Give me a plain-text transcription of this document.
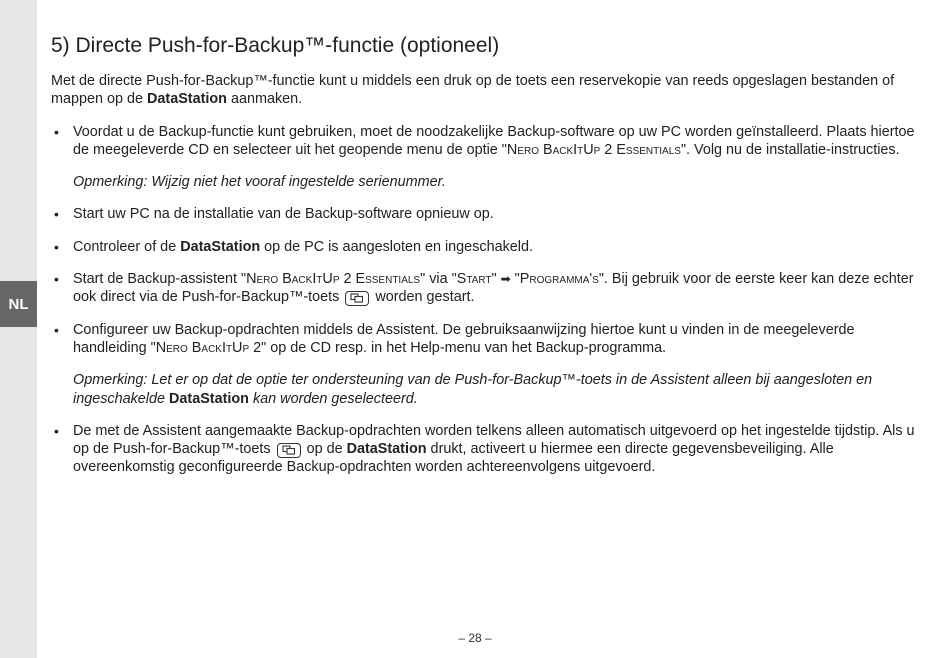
NL
5) Directe Push-for-Backup™-functie (optioneel)

Met de directe Push-for-Backup™-functie kunt u middels een druk op de toets een reservekopie van reeds opgeslagen bestanden of mappen op de DataStation aanmaken.

• Voordat u de Backup-functie kunt gebruiken, moet de noodzakelijke Backup-software op uw PC worden geïnstalleerd. Plaats hiertoe de meegeleverde CD en selecteer uit het geopende menu de optie "Nero BackItUp 2 Essentials". Volg nu de installatie-instructies.
Opmerking: Wijzig niet het vooraf ingestelde serienummer.
• Start uw PC na de installatie van de Backup-software opnieuw op.
• Controleer of de DataStation op de PC is aangesloten en ingeschakeld.
• Start de Backup-assistent "Nero BackItUp 2 Essentials" via "Start" ➡ "Programma's". Bij gebruik voor de eerste keer kan deze echter ook direct via de Push-for-Backup™-toets
worden gestart.
• Configureer uw Backup-opdrachten middels de Assistent. De gebruiksaanwijzing hiertoe kunt u vinden in de meegeleverde handleiding "Nero BackItUp 2" op de CD resp. in het Help-menu van het Backup-programma.
Opmerking: Let er op dat de optie ter ondersteuning van de Push-for-Backup™-toets in de Assistent alleen bij aangesloten en ingeschakelde DataStation kan worden geselecteerd.
• De met de Assistent aangemaakte Backup-opdrachten worden telkens alleen automatisch uitgevoerd op het ingestelde tijdstip. Als u op de Push-for-Backup™-toets
op de DataStation drukt, activeert u hiermee een directe gegevensbeveiliging. Alle overeenkomstig geconfigureerde Backup-opdrachten worden achtereenvolgens uitgevoerd.
– 28 –
